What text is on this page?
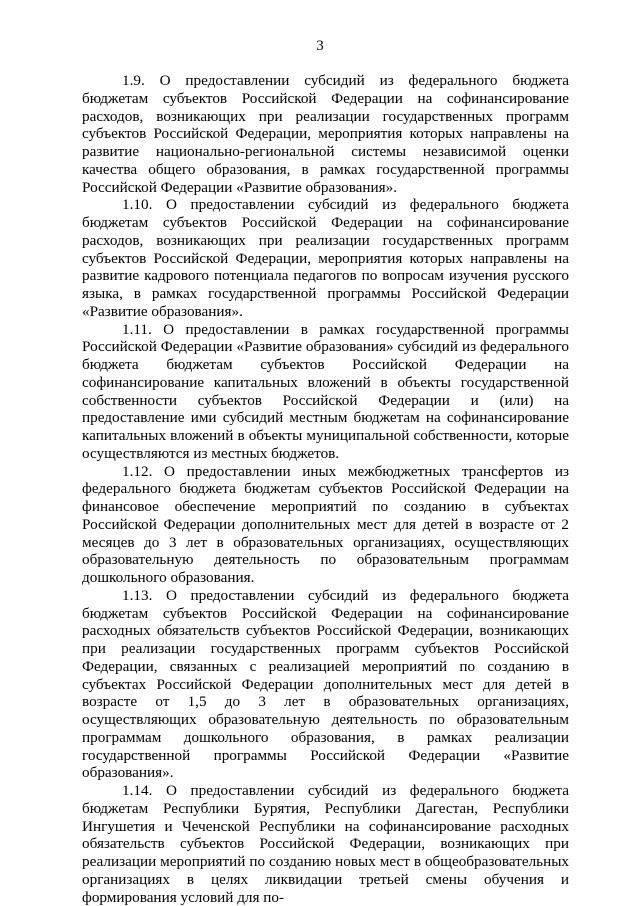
3

1.9. О предоставлении субсидий из федерального бюджета бюджетам субъектов Российской Федерации на софинансирование расходов, возникающих при реализации государственных программ субъектов Российской Федерации, мероприятия которых направлены на развитие национально-региональной системы независимой оценки качества общего образования, в рамках государственной программы Российской Федерации «Развитие образования».

1.10. О предоставлении субсидий из федерального бюджета бюджетам субъектов Российской Федерации на софинансирование расходов, возникающих при реализации государственных программ субъектов Российской Федерации, мероприятия которых направлены на развитие кадрового потенциала педагогов по вопросам изучения русского языка, в рамках государственной программы Российской Федерации «Развитие образования».

1.11. О предоставлении в рамках государственной программы Российской Федерации «Развитие образования» субсидий из федерального бюджета бюджетам субъектов Российской Федерации на софинансирование капитальных вложений в объекты государственной собственности субъектов Российской Федерации и (или) на предоставление ими субсидий местным бюджетам на софинансирование капитальных вложений в объекты муниципальной собственности, которые осуществляются из местных бюджетов.

1.12. О предоставлении иных межбюджетных трансфертов из федерального бюджета бюджетам субъектов Российской Федерации на финансовое обеспечение мероприятий по созданию в субъектах Российской Федерации дополнительных мест для детей в возрасте от 2 месяцев до 3 лет в образовательных организациях, осуществляющих образовательную деятельность по образовательным программам дошкольного образования.

1.13. О предоставлении субсидий из федерального бюджета бюджетам субъектов Российской Федерации на софинансирование расходных обязательств субъектов Российской Федерации, возникающих при реализации государственных программ субъектов Российской Федерации, связанных с реализацией мероприятий по созданию в субъектах Российской Федерации дополнительных мест для детей в возрасте от 1,5 до 3 лет в образовательных организациях, осуществляющих образовательную деятельность по образовательным программам дошкольного образования, в рамках реализации государственной программы Российской Федерации «Развитие образования».

1.14. О предоставлении субсидий из федерального бюджета бюджетам Республики Бурятия, Республики Дагестан, Республики Ингушетия и Чеченской Республики на софинансирование расходных обязательств субъектов Российской Федерации, возникающих при реализации мероприятий по созданию новых мест в общеобразовательных организациях в целях ликвидации третьей смены обучения и формирования условий для по-
